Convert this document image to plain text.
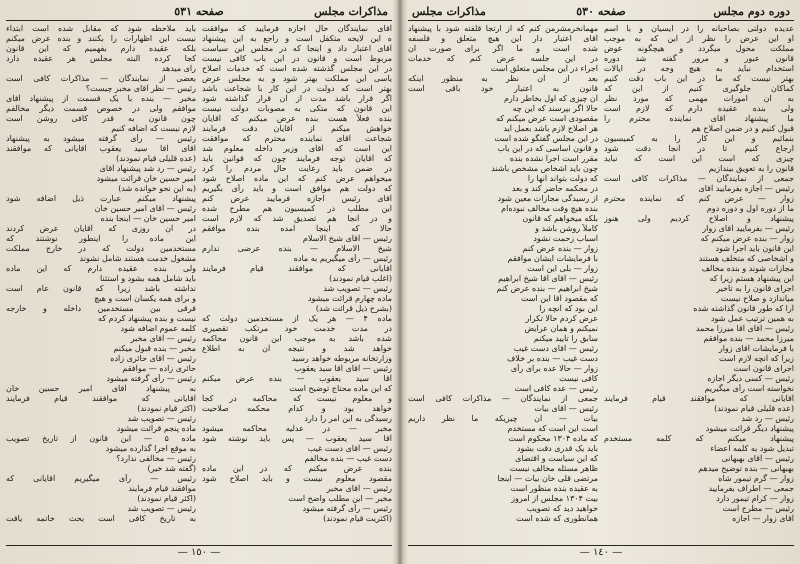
مذاکرات مجلس
صفحه ٥٣١
آقای نمایندگان حال اجازه فرمایید که موافقت
ه این لایحه متکفل است و راجع به این پیشنهاد
آقای اعتبار داد و اینجا که در مجلس این سیاست
مربوط است و قانون در این باب کافی نیست
در این مجلس گذشته شده است که خدمات اصلاح
یاسی این مملکت بهتر شود و به مجلس عرض
بهتر است که دولت در این کار با شجاعت باشد
اگر قرار باشد مدت از آن قرار گذاشته شود
این قانون که متکی به مصوبات دولت نیست
بنده فعلاً هست بنده عرض میکنم که آقایان
خواهش میکنم از آقایان دقت فرمایند
شجاعت آقای نماینده محترم که موافقت
این است که آقای وزیر داخله معلوم شد
که آقایان توجه فرمایند چون که قوانین باید
در ضمن باید رعایت حال مردم را کرد
میخواهم عرض کنم که این ماده اصلاح شود
که دولت هم موافق است و باید رأی بگیریم
آقای رئیس اجازه فرمایید عرض کنم
این مطلب در کمیسیون هم مطرح شده
و در آنجا هم تصدیق شد که لازم است
حالا که اینجا آمده بنده موافقم
رئیس — آقای شیخ الاسلام
شیخ الاسلام — بنده عرضی ندارم
رئیس — رأی میگیریم به ماده
آقایانی که موافقند قیام فرمایند
(اغلب قیام نمودند)
رئیس — تصویب شد
ماده چهارم قرائت میشود
(بشرح ذیل قرائت شد)
ماده ۴ — هر یک از مستخدمین دولت که
در مدت خدمت خود مرتکب تقصیری
شده باشد به موجب این قانون محاکمه
خواهد شد و نتیجه آن به اطلاع
وزارتخانه مربوطه خواهد رسید
رئیس — آقای آقا سید یعقوب
آقا سید یعقوب — بنده عرض میکنم
که این ماده محتاج توضیح است
و معلوم نیست که محاکمه در کجا
خواهد بود و کدام محکمه صلاحیت
رسیدگی به این امر را دارد
مخبر — در عدلیه محاکمه میشود
آقا سید یعقوب — پس باید نوشته شود
رئیس — آقای دست غیب
دست غیب — بنده مخالفم
بنده عرض میکنم که در این ماده
مقصود معلوم نیست و باید اصلاح شود
رئیس — آقای مخبر
مخبر — این مطلب واضح است
رئیس — رأی گرفته میشود
(اکثریت قیام نمودند)
باید ملاحظه شود که مقابل شده است ابتداء
نیست این اظهارات را بکنند و بنده عرض میکنم
بلکه عقیده دارم بفهمیم که این قانون
کجا کرده البته مجلس هر عقیده دارد
رای میدهد
بعضی از نمایندگان — مذاکرات کافی است
رئیس — نظر آقای مخبر چیست؟
مخبر — بنده با یک قسمت از پیشنهاد آقای
موافقم ولی در خصوص قسمت دیگر مخالفم
چون قانون به قدر کافی روشن است
لازم نیست که اضافه کنیم
رئیس — رأی گرفته میشود به پیشنهاد
آقای آقا سید یعقوب آقایانی که موافقند
(عده قلیلی قیام نمودند)
رئیس — رد شد پیشنهاد آقای
امیر حسین خان قرائت میشود
(به این نحو خوانده شد)
پیشنهاد میکنم عبارت ذیل اضافه شود
رئیس — آقای امیر حسین خان
امیر حسین خان — اینجا بنده
در آن روزی که آقایان عرض کردند
این ماده را اینطور نوشتند که
مستخدمین دولت که در خارج مملکت
مشغول خدمت هستند شامل نشوند
ولی بنده عقیده دارم که این ماده
باید شامل همه بشود و استثنا
نداشته باشد زیرا که قانون عام است
و برای همه یکسان است و هیچ
فرقی بین مستخدمین داخله و خارجه
نیست و بنده پیشنهاد کردم که
کلمه عموم اضافه شود
رئیس — آقای مخبر
مخبر — بنده قبول میکنم
رئیس — آقای حائری زاده
حائری زاده — موافقم
رئیس — رأی گرفته میشود
به پیشنهاد آقای امیر حسین خان
آقایانی که موافقند قیام فرمایند
(اکثر قیام نمودند)
رئیس — تصویب شد
ماده پنجم قرائت میشود
ماده ۵ — این قانون از تاریخ تصویب
به موقع اجرا گذارده میشود
رئیس — مخالفی ندارد؟
(گفته شد خیر)
رئیس — رأی میگیریم آقایانی که
موافقند قیام فرمایند
(اکثر قیام نمودند)
رئیس — تصویب شد
به تاریخ کافی است بحث خاتمه یافت
— ١٥٠ —
دوره دوم مجلس
صفحه ٥٣٠
مذاکرات مجلس
عدیده دولتی بصاحبانه را در ایسیان و با اسم
او این عرض را نظر از این که به موجب
مملکت محول میگردد و هیچگونه عوض
قانون عبور و مرور گفته شد دوره
استخدام نباید به هیچ وجه در ایالات
بهتر نیست که ما در این باب دقت کنیم
کماکان جلوگیری کنیم از این که
به آن امورات مهمی که مورد نظر
ولی بنده عقیده دارم که لازم است
ما پیشنهاد آقای نماینده محترم را
قبول کنیم و در ضمن اصلاح هم
بنمائیم و این کار را به کمیسیون
ارجاع کنیم تا در آنجا دقت شود
چیزی که است این است که نباید
قانون را به تعویق بیندازیم
جمعی از نمایندگان — مذاکرات کافی است
رئیس — اجازه بفرمایید آقای
زوار — عرض کنم که نماینده محترم
ما از دوره اول و دوره دوم
پیشنهاد و اصلاح کردیم ولی هنوز
رئیس — بفرمایید آقای زوار
زوار — بنده عرض میکنم که
این قانون باید اجرا شود
و اشخاصی که متخلف هستند
مجازات شوند و بنده مخالف
این پیشنهاد هستم زیرا که
اجرای قانون را به تأخیر
میاندازد و صلاح نیست
آرا که طور قانون گذاشته شده
به همین ترتیب عمل شود
رئیس — آقای آقا میرزا محمد
میرزا محمد — بنده موافقم
با فرمایشات آقای زوار
زیرا که آنچه لازم است
اجرای قانون است
رئیس — کسی دیگر اجازه
نخواسته است رأی میگیریم
آقایانی که موافقند قیام فرمایند
(عده قلیلی قیام نمودند)
رئیس — رد شد
پیشنهاد دیگر قرائت میشود
پیشنهاد میکنم که کلمه مستخدم
تبدیل شود به کلمه اعضاء
رئیس — آقای بهبهانی
بهبهانی — بنده توضیح میدهم
زوار — گرم تیمور شاه
جمعی — اطراف بفرمایید
زوار — کرام تیمور دارد
رئیس — مطرح است
آقای زوار — اجازه
مهمانخرمشرمن کنم که از ارتجا قلفته شود با پیشنهاد
آقای اعتبار دار این هیچ متعلق و فلسفه
شده است و ما اگر برای صورت آن
در این جلسه عرض کنم که خدمات
اجراء در این مجلس متعلق است
بعد از آن نظر به منظور اینکه
قانون به اعتبار خود باقی است
آن چیزی که اول بخاطر دارم
حالا اگر بپرسند که این چه
مقصودی است عرض میکنم که
هر اصلاح لازم باشد بعمل آید
در این مجلس گفتگو شده است
و قانون اساسی که در این باب
مقرر است اجرا نشده بنده
چون باید اشخاص مشخص باشند
که دولت بتواند آنها را
در محکمه حاضر کند و بعد
از رسیدگی مجازات معین شود
بنده هیچ وقت مخالف نبوده‌ام
بلکه میخواهم که قانون
کاملاً روشن باشد و
اسباب زحمت نشود
زوار — بنده عرض کنم
با فرمایشات ایشان موافقم
زوار — بلی این است
رئیس — آقای آقا شیخ ابراهیم
شیخ ابراهیم — بنده عرض کنم
که مقصود آقا این است
این بود که آنچه را
عرض کردم حالا تکرار
نمیکنم و همان عرایض
سابق را تأیید میکنم
رئیس — آقای دست غیب
دست غیب — بنده بر خلاف
زوار — حالا عده برای رأی
کافی نیست
رئیس — عده کافی است
جمعی از نمایندگان — مذاکرات کافی است
رئیس — آقای بیات
بیات — آن چیزیکه ما نظر داریم
است این است که مستخدم
که ماده ۱۳۰۴ محکوم است
باید یک قدری دقت بشود
که این سیاست و اقتضای
ظاهر مسئله مخالف نیست
مرتضی قلی خان بیات — اینجا
به عقیده بنده منظور است
بیت ۱۳۰۴ مجلس از امروز
خواهید دید که تصویب
همانطوری که شده است
— ١٤٠ —
